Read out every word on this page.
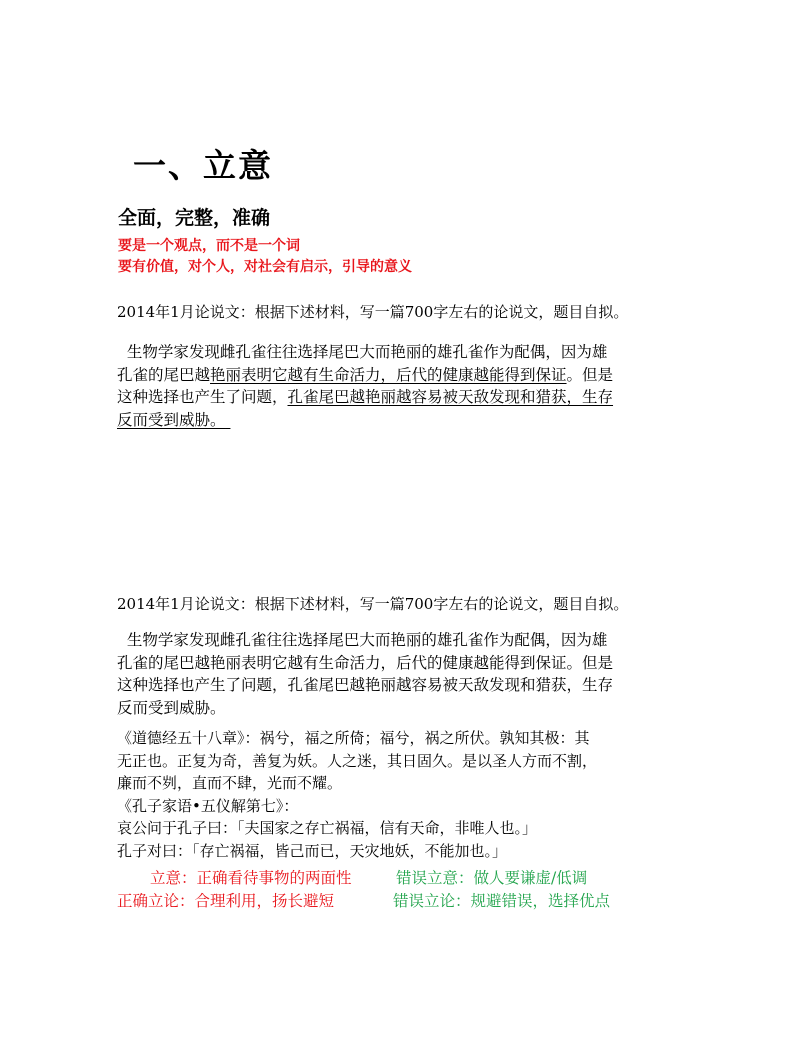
一、立意
全面，完整，准确
要是一个观点，而不是一个词
要有价值，对个人，对社会有启示，引导的意义
2014年1月论说文：根据下述材料，写一篇700字左右的论说文，题目自拟。

生物学家发现雌孔雀往往选择尾巴大而艳丽的雄孔雀作为配偶，因为雄

孔雀的尾巴越艳丽表明它越有生命活力，后代的健康越能得到保证。但是

这种选择也产生了问题，孔雀尾巴越艳丽越容易被天敌发现和猎获，生存

反而受到威胁。

2014年1月论说文：根据下述材料，写一篇700字左右的论说文，题目自拟。

生物学家发现雌孔雀往往选择尾巴大而艳丽的雄孔雀作为配偶，因为雄

孔雀的尾巴越艳丽表明它越有生命活力，后代的健康越能得到保证。但是

这种选择也产生了问题，孔雀尾巴越艳丽越容易被天敌发现和猎获，生存

反而受到威胁。

《道德经五十八章》：祸兮，福之所倚；福兮，祸之所伏。孰知其极：其

无正也。正复为奇，善复为妖。人之迷，其日固久。是以圣人方而不割，

廉而不刿，直而不肆，光而不耀。

《孔子家语•五仪解第七》：

哀公问于孔子曰：「夫国家之存亡祸福，信有天命，非唯人也。」

孔子对曰：「存亡祸福，皆己而已，天灾地妖，不能加也。」

立意：正确看待事物的两面性	错误立意：做人要谦虚/低调
正确立论：合理利用，扬长避短	错误立论：规避错误，选择优点
